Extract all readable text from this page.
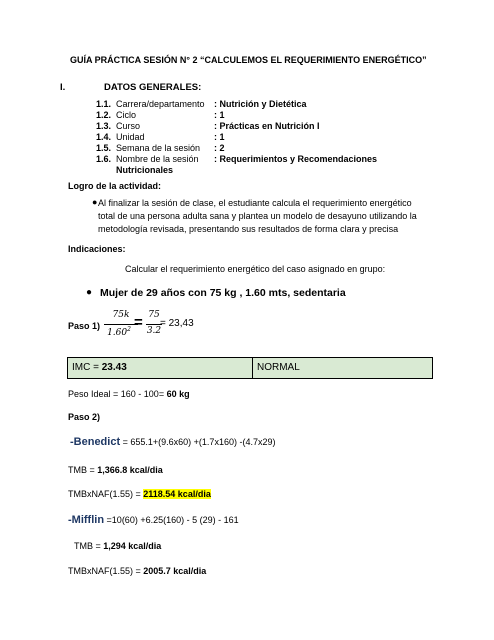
GUÍA PRÁCTICA SESIÓN N° 2 “CALCULEMOS EL REQUERIMIENTO ENERGÉTICO”
I.	DATOS GENERALES:
1.1. Carrera/departamento : Nutrición y Dietética
1.2. Ciclo	: 1
1.3. Curso	: Prácticas en Nutrición I
1.4. Unidad	: 1
1.5. Semana de la sesión : 2
1.6. Nombre de la sesión : Requerimientos y Recomendaciones
Nutricionales
Logro de la actividad:
● Al finalizar la sesión de clase, el estudiante calcula el requerimiento energético total de una persona adulta sana y plantea un modelo de desayuno utilizando la metodología revisada, presentando sus resultados de forma clara y precisa
Indicaciones:
Calcular el requerimiento energético del caso asignado en grupo:
● Mujer de 29 años con 75 kg , 1.60 mts, sedentaria
Paso 1)
75k
$1.60^2 = 75$
3.2
= 23,43
IMC = 23.43	NORMAL
Peso Ideal = 160 - 100= 60 kg
Paso 2)
-Benedict = 655.1+(9.6x60) +(1.7x160) -(4.7x29)
TMB = 1,366.8 kcal/dia
TMBxNAF(1.55) = 2118.54 kcal/dia
-Mifflin =10(60) +6.25(160) - 5 (29) - 161
TMB = 1,294 kcal/dia
TMBxNAF(1.55) = 2005.7 kcal/dia
